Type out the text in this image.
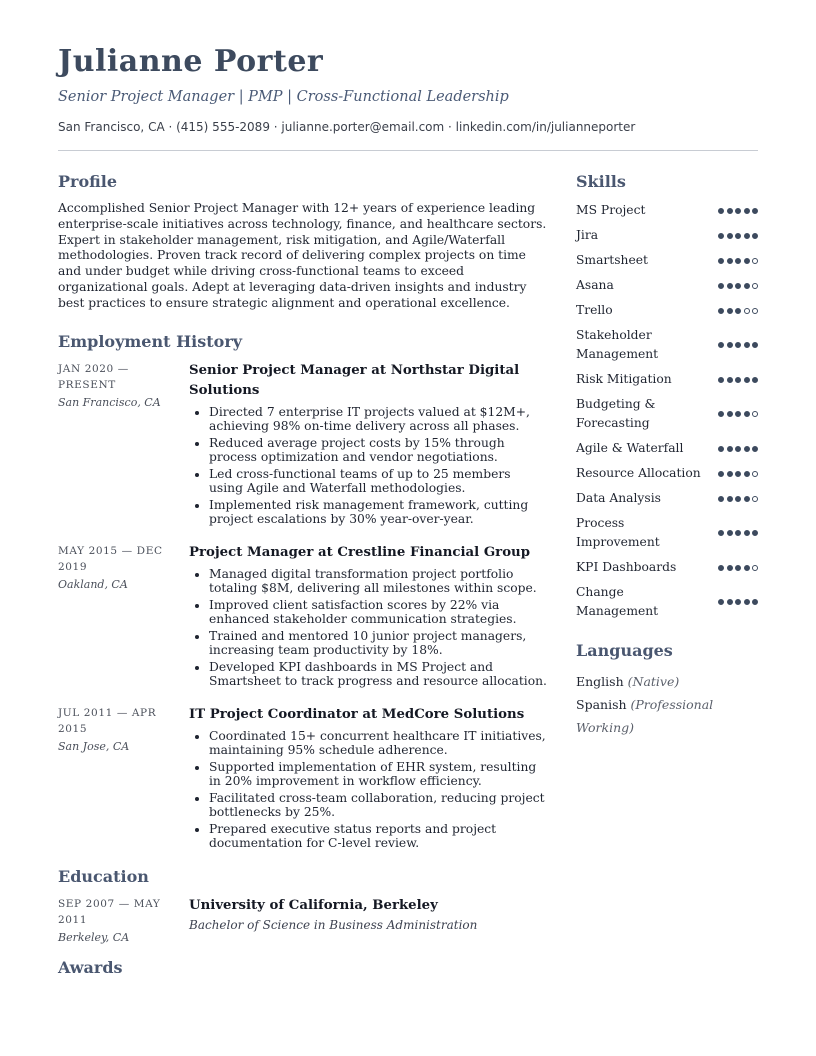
Julianne Porter
Senior Project Manager | PMP | Cross-Functional Leadership
San Francisco, CA · (415) 555-2089 · julianne.porter@email.com · linkedin.com/in/julianneporter
Profile

Accomplished Senior Project Manager with 12+ years of experience leading enterprise-scale initiatives across technology, finance, and healthcare sectors. Expert in stakeholder management, risk mitigation, and Agile/Waterfall methodologies. Proven track record of delivering complex projects on time and under budget while driving cross-functional teams to exceed organizational goals. Adept at leveraging data-driven insights and industry best practices to ensure strategic alignment and operational excellence.

Employment History
JAN 2020 — PRESENT
San Francisco, CA
Senior Project Manager at Northstar Digital Solutions
• Directed 7 enterprise IT projects valued at $12M+, achieving 98% on-time delivery across all phases.
• Reduced average project costs by 15% through process optimization and vendor negotiations.
• Led cross-functional teams of up to 25 members using Agile and Waterfall methodologies.
• Implemented risk management framework, cutting project escalations by 30% year-over-year.
MAY 2015 — DEC 2019
Oakland, CA
Project Manager at Crestline Financial Group
• Managed digital transformation project portfolio totaling $8M, delivering all milestones within scope.
• Improved client satisfaction scores by 22% via enhanced stakeholder communication strategies.
• Trained and mentored 10 junior project managers, increasing team productivity by 18%.
• Developed KPI dashboards in MS Project and Smartsheet to track progress and resource allocation.
JUL 2011 — APR 2015
San Jose, CA
IT Project Coordinator at MedCore Solutions
• Coordinated 15+ concurrent healthcare IT initiatives, maintaining 95% schedule adherence.
• Supported implementation of EHR system, resulting in 20% improvement in workflow efficiency.
• Facilitated cross-team collaboration, reducing project bottlenecks by 25%.
• Prepared executive status reports and project documentation for C-level review.
Education
SEP 2007 — MAY 2011
Berkeley, CA
University of California, Berkeley
Bachelor of Science in Business Administration
Awards
Skills
MS Project
Jira
Smartsheet
Asana
Trello
Stakeholder Management
Risk Mitigation
Budgeting & Forecasting
Agile & Waterfall
Resource Allocation
Data Analysis
Process Improvement
KPI Dashboards
Change Management
Languages
English (Native)
Spanish (Professional Working)
